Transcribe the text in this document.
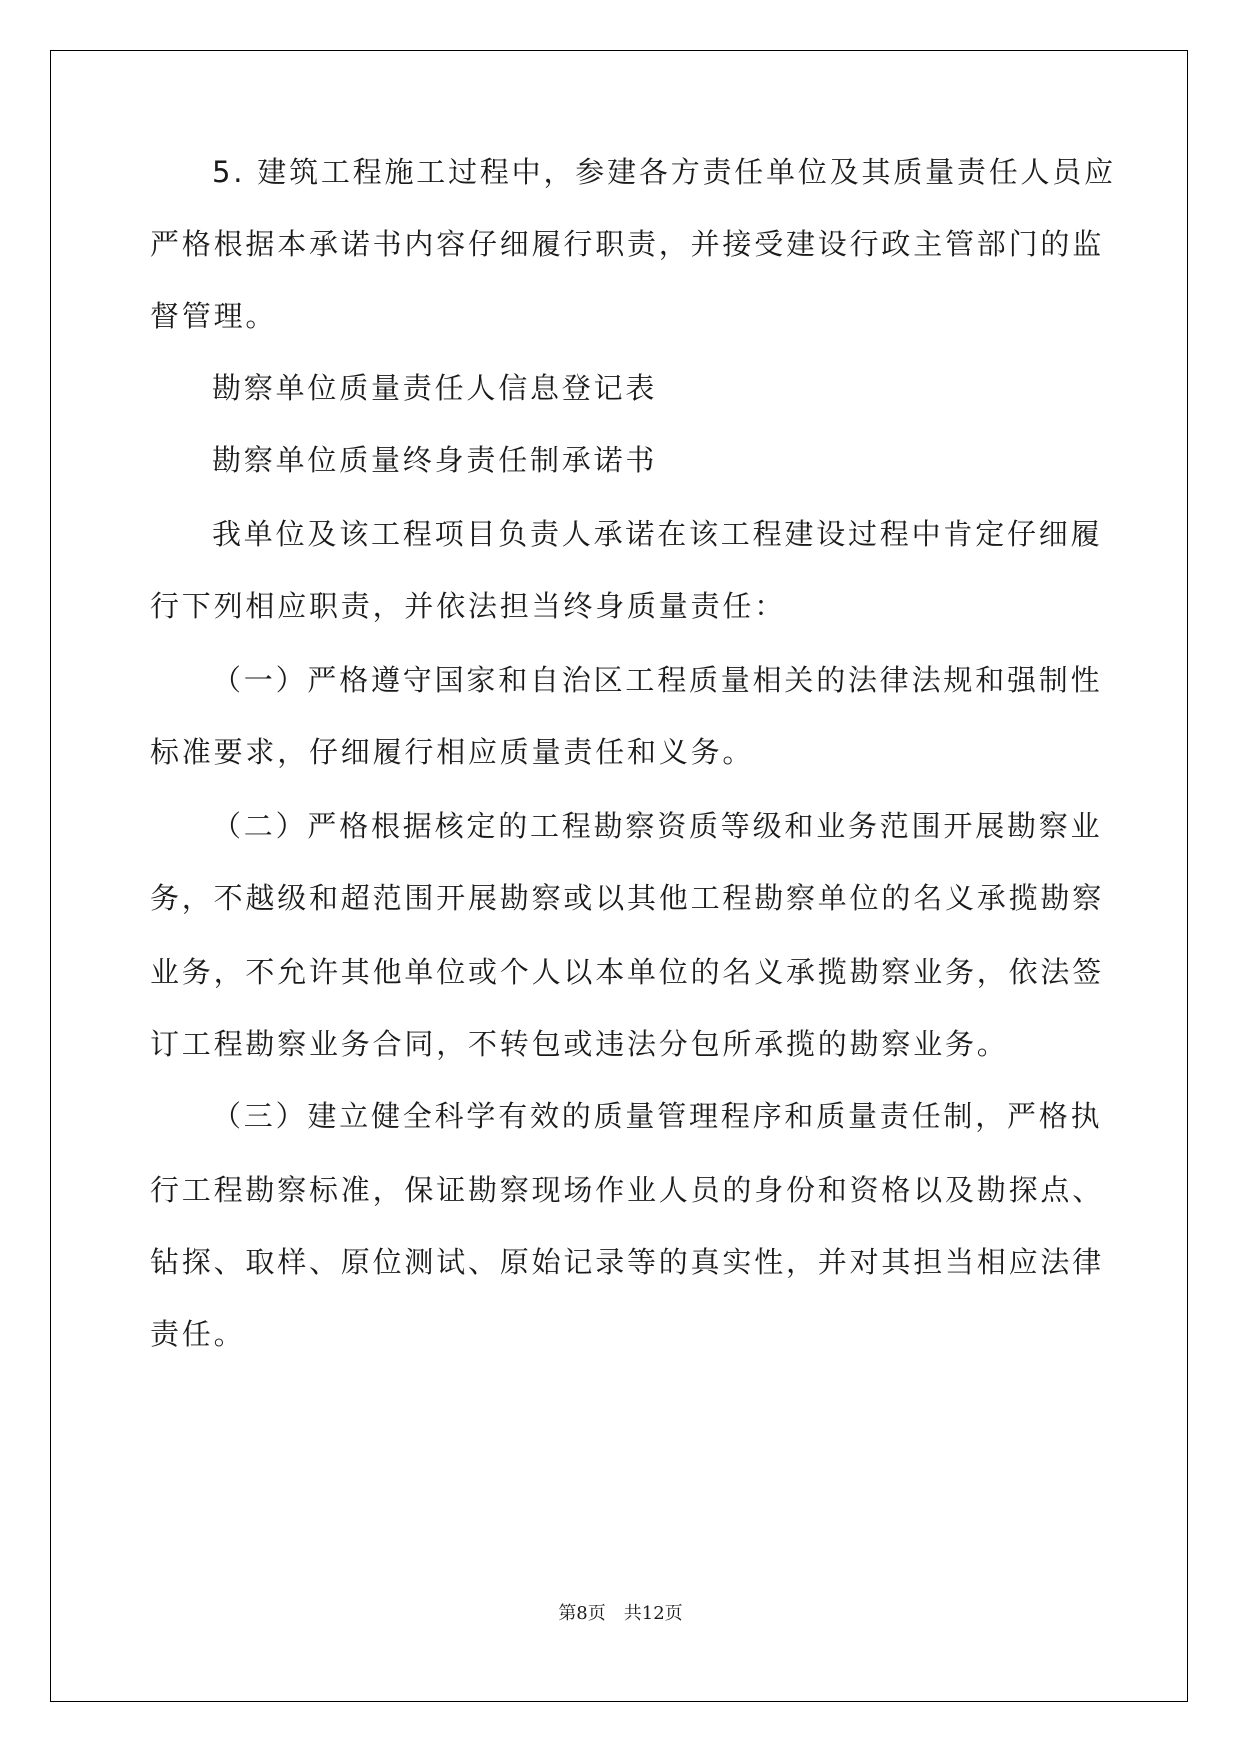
5. 建筑工程施工过程中，参建各方责任单位及其质量责任人员应
严格根据本承诺书内容仔细履行职责，并接受建设行政主管部门的监
督管理。
勘察单位质量责任人信息登记表
勘察单位质量终身责任制承诺书
我单位及该工程项目负责人承诺在该工程建设过程中肯定仔细履
行下列相应职责，并依法担当终身质量责任：
（一）严格遵守国家和自治区工程质量相关的法律法规和强制性
标准要求，仔细履行相应质量责任和义务。
（二）严格根据核定的工程勘察资质等级和业务范围开展勘察业
务，不越级和超范围开展勘察或以其他工程勘察单位的名义承揽勘察
业务，不允许其他单位或个人以本单位的名义承揽勘察业务，依法签
订工程勘察业务合同，不转包或违法分包所承揽的勘察业务。
（三）建立健全科学有效的质量管理程序和质量责任制，严格执
行工程勘察标准，保证勘察现场作业人员的身份和资格以及勘探点、
钻探、取样、原位测试、原始记录等的真实性，并对其担当相应法律
责任。
第8页　共12页
